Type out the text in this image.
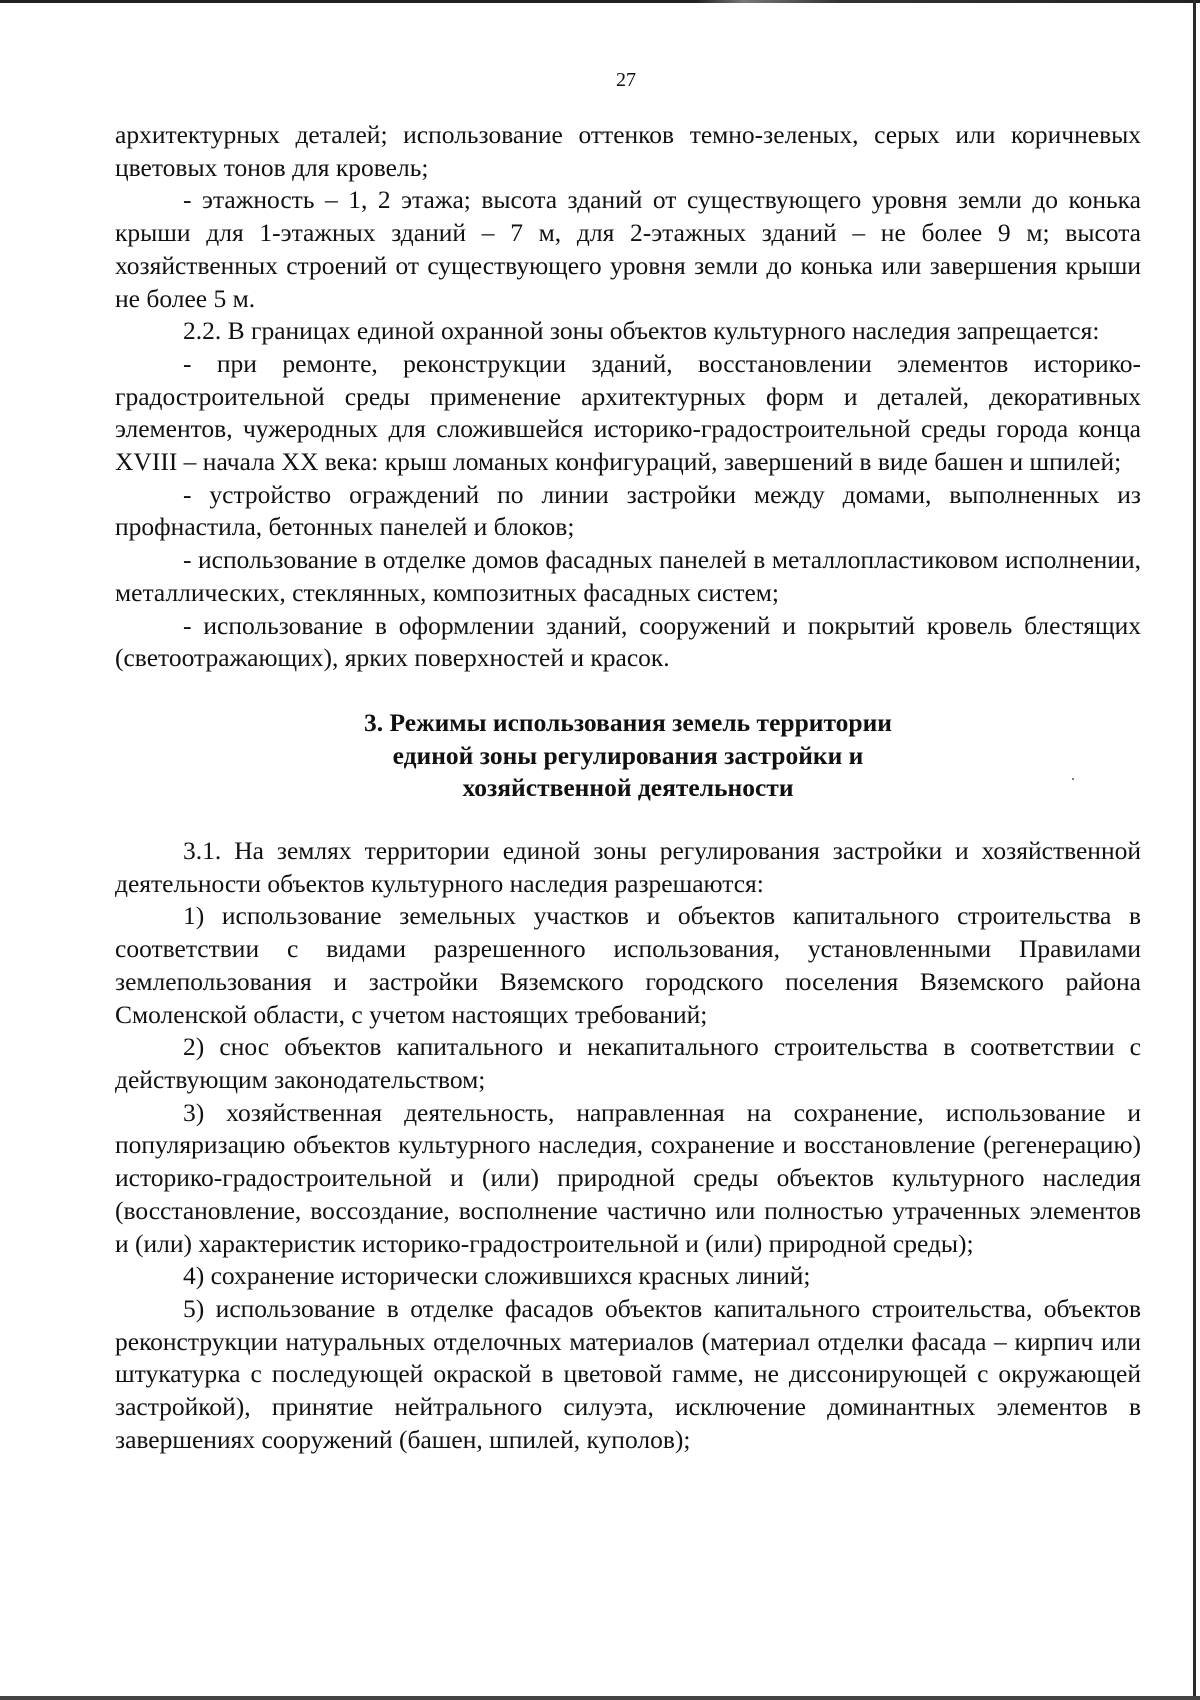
27

архитектурных деталей; использование оттенков темно-зеленых, серых или коричневых цветовых тонов для кровель;

- этажность – 1, 2 этажа; высота зданий от существующего уровня земли до конька крыши для 1-этажных зданий – 7 м, для 2-этажных зданий – не более 9 м; высота хозяйственных строений от существующего уровня земли до конька или завершения крыши не более 5 м.

2.2. В границах единой охранной зоны объектов культурного наследия запрещается:

- при ремонте, реконструкции зданий, восстановлении элементов историко-градостроительной среды применение архитектурных форм и деталей, декоративных элементов, чужеродных для сложившейся историко-градостроительной среды города конца XVIII – начала XX века: крыш ломаных конфигураций, завершений в виде башен и шпилей;

- устройство ограждений по линии застройки между домами, выполненных из профнастила, бетонных панелей и блоков;

- использование в отделке домов фасадных панелей в металлопластиковом исполнении, металлических, стеклянных, композитных фасадных систем;

- использование в оформлении зданий, сооружений и покрытий кровель блестящих (светоотражающих), ярких поверхностей и красок.

3. Режимы использования земель территории
единой зоны регулирования застройки и
хозяйственной деятельности

3.1. На землях территории единой зоны регулирования застройки и хозяйственной деятельности объектов культурного наследия разрешаются:

1) использование земельных участков и объектов капитального строительства в соответствии с видами разрешенного использования, установленными Правилами землепользования и застройки Вяземского городского поселения Вяземского района Смоленской области, с учетом настоящих требований;

2) снос объектов капитального и некапитального строительства в соответствии с действующим законодательством;

3) хозяйственная деятельность, направленная на сохранение, использование и популяризацию объектов культурного наследия, сохранение и восстановление (регенерацию) историко-градостроительной и (или) природной среды объектов культурного наследия (восстановление, воссоздание, восполнение частично или полностью утраченных элементов и (или) характеристик историко-градостроительной и (или) природной среды);

4) сохранение исторически сложившихся красных линий;

5) использование в отделке фасадов объектов капитального строительства, объектов реконструкции натуральных отделочных материалов (материал отделки фасада – кирпич или штукатурка с последующей окраской в цветовой гамме, не диссонирующей с окружающей застройкой), принятие нейтрального силуэта, исключение доминантных элементов в завершениях сооружений (башен, шпилей, куполов);
